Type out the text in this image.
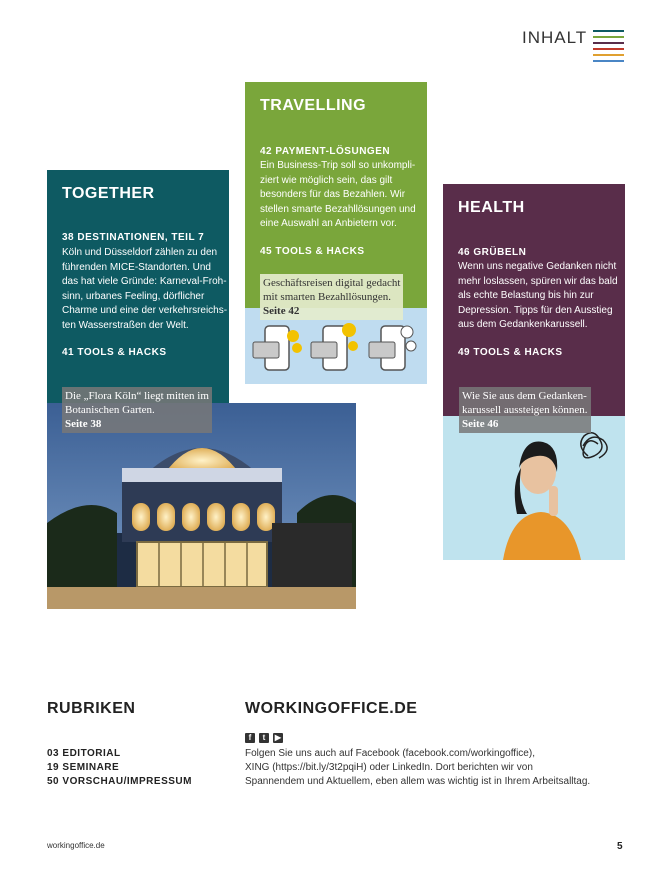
INHALT
TOGETHER
38 DESTINATIONEN, TEIL 7

Köln und Düsseldorf zählen zu den

führenden MICE-Standorten. Und

das hat viele Gründe: Karneval-Froh-

sinn, urbanes Feeling, dörflicher

Charme und eine der verkehrsreichs-

ten Wasserstraßen der Welt.

41 TOOLS & HACKS
Die „Flora Köln“ liegt mitten im
Botanischen Garten.
Seite 38
TRAVELLING
42 PAYMENT-LÖSUNGEN

Ein Business-Trip soll so unkompli-

ziert wie möglich sein, das gilt

besonders für das Bezahlen. Wir

stellen smarte Bezahllösungen und

eine Auswahl an Anbietern vor.

45 TOOLS & HACKS
Geschäftsreisen digital gedacht
mit smarten Bezahllösungen.
Seite 42
HEALTH
46 GRÜBELN

Wenn uns negative Gedanken nicht

mehr loslassen, spüren wir das bald

als echte Belastung bis hin zur

Depression. Tipps für den Ausstieg

aus dem Gedankenkarussell.

49 TOOLS & HACKS
Wie Sie aus dem Gedanken-
karussell aussteigen können.
Seite 46
RUBRIKEN
03 EDITORIAL
19 SEMINARE
50 VORSCHAU/IMPRESSUM
WORKINGOFFICE.DE
f	t	▶
Folgen Sie uns auch auf Facebook (facebook.com/workingoffice),
XING (https://bit.ly/3t2pqiH) oder LinkedIn. Dort berichten wir von
Spannendem und Aktuellem, eben allem was wichtig ist in Ihrem Arbeitsalltag.
workingoffice.de	5
